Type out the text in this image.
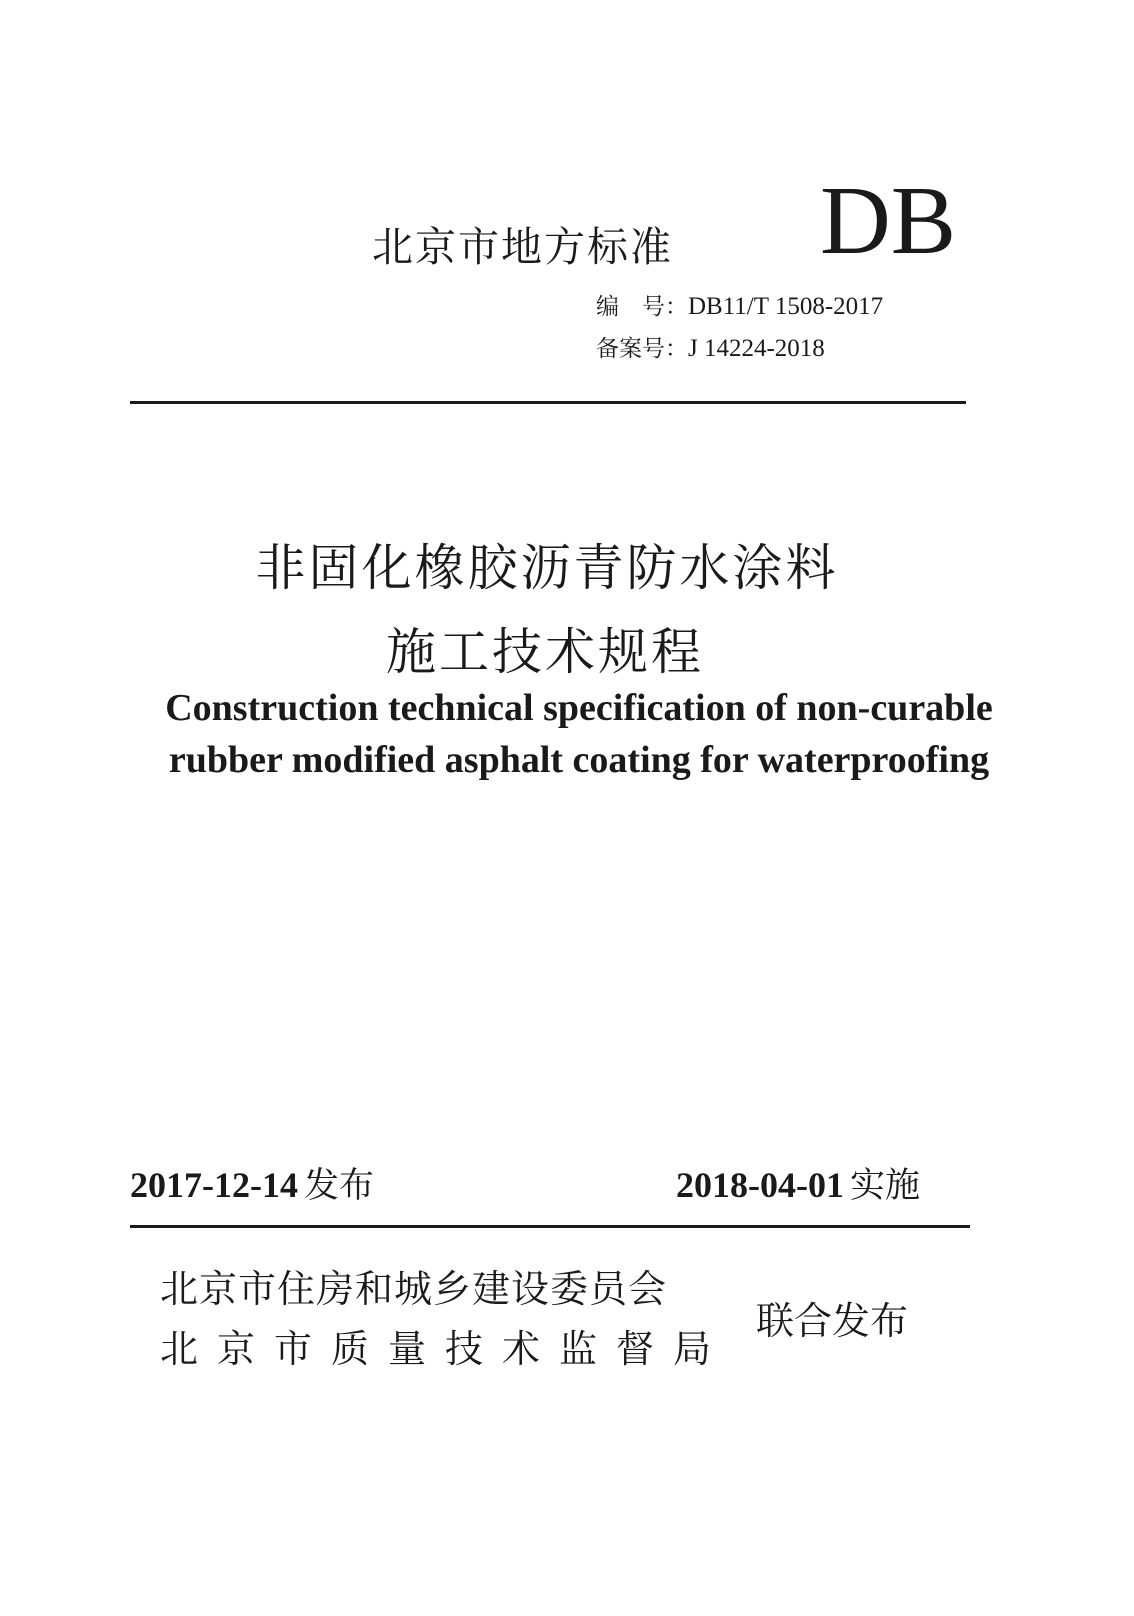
北京市地方标准 DB
编　号：DB11/T 1508-2017
备案号：J 14224-2018
非固化橡胶沥青防水涂料
施工技术规程
Construction technical specification of non-curable
rubber modified asphalt coating for waterproofing
2017-12-14 发布	2018-04-01 实施
北京市住房和城乡建设委员会
北京市质量技术监督局
联合发布
